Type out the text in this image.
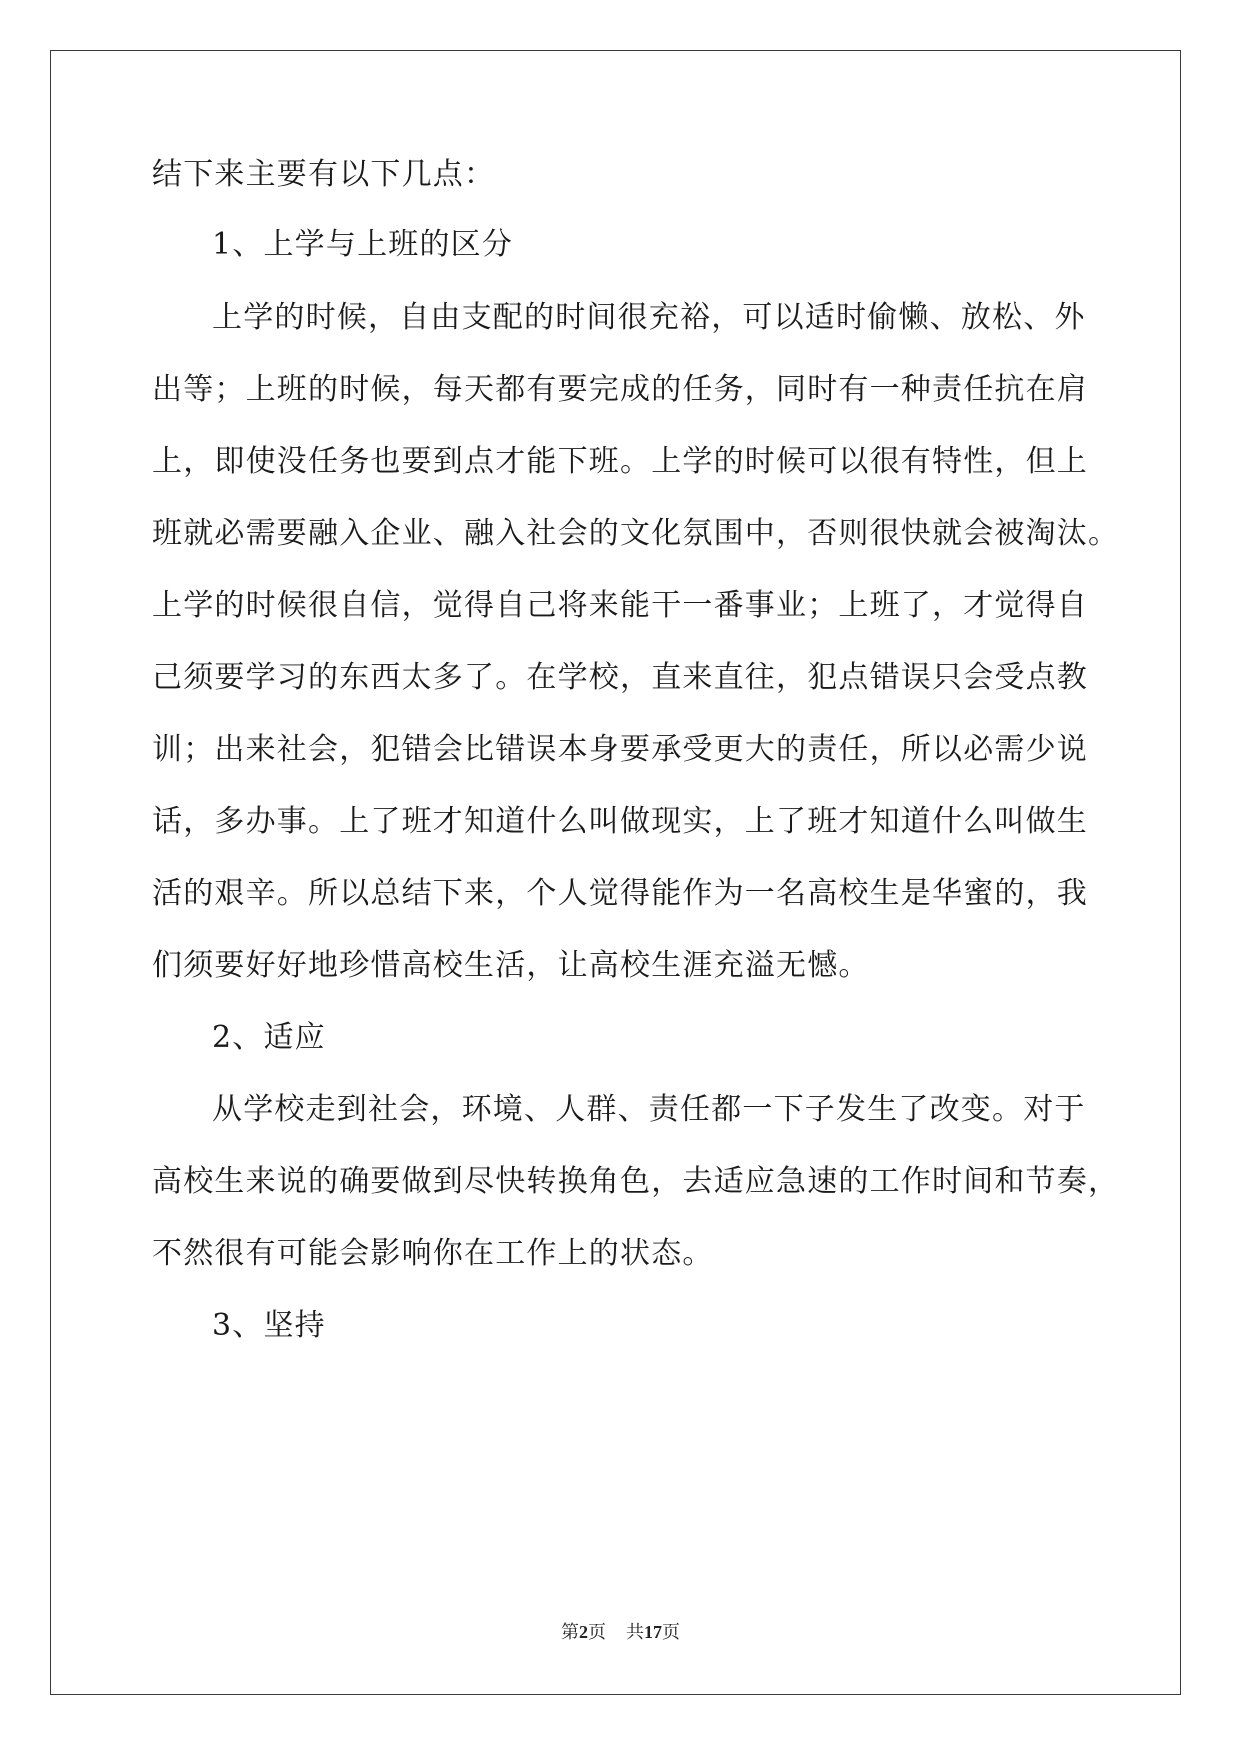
结下来主要有以下几点：
1、上学与上班的区分
上学的时候，自由支配的时间很充裕，可以适时偷懒、放松、外
出等；上班的时候，每天都有要完成的任务，同时有一种责任抗在肩
上，即使没任务也要到点才能下班。上学的时候可以很有特性，但上
班就必需要融入企业、融入社会的文化氛围中，否则很快就会被淘汰。
上学的时候很自信，觉得自己将来能干一番事业；上班了，才觉得自
己须要学习的东西太多了。在学校，直来直往，犯点错误只会受点教
训；出来社会，犯错会比错误本身要承受更大的责任，所以必需少说
话，多办事。上了班才知道什么叫做现实，上了班才知道什么叫做生
活的艰辛。所以总结下来，个人觉得能作为一名高校生是华蜜的，我
们须要好好地珍惜高校生活，让高校生涯充溢无憾。
2、适应
从学校走到社会，环境、人群、责任都一下子发生了改变。对于
高校生来说的确要做到尽快转换角色，去适应急速的工作时间和节奏，
不然很有可能会影响你在工作上的状态。
3、坚持
第2页 共17页
